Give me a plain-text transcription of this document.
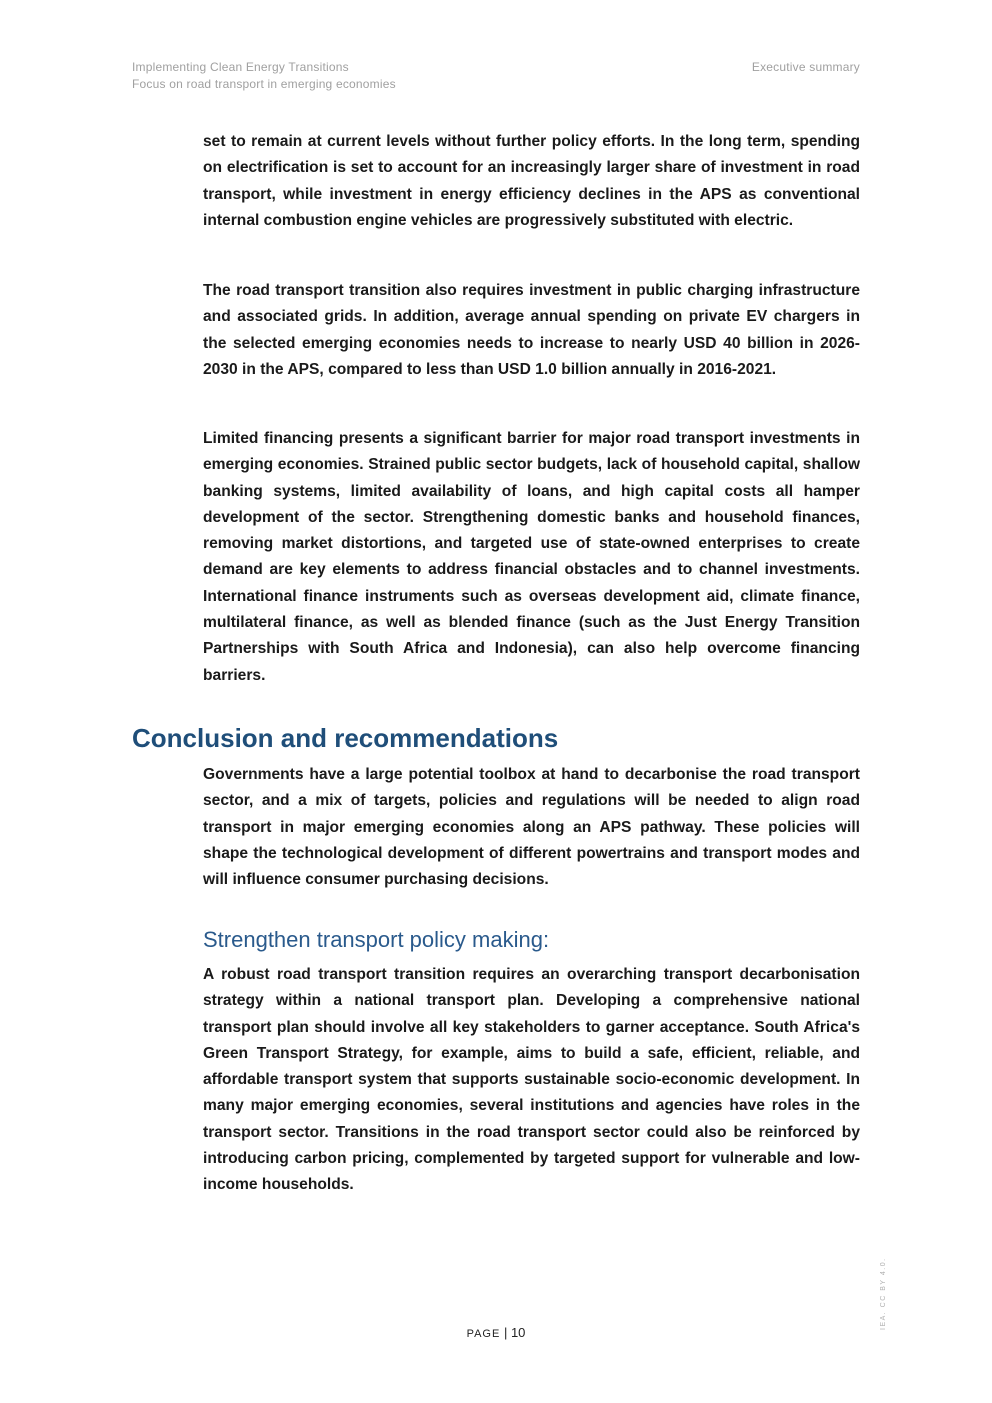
Implementing Clean Energy Transitions
Focus on road transport in emerging economies
Executive summary

set to remain at current levels without further policy efforts. In the long term, spending on electrification is set to account for an increasingly larger share of investment in road transport, while investment in energy efficiency declines in the APS as conventional internal combustion engine vehicles are progressively substituted with electric.

The road transport transition also requires investment in public charging infrastructure and associated grids. In addition, average annual spending on private EV chargers in the selected emerging economies needs to increase to nearly USD 40 billion in 2026-2030 in the APS, compared to less than USD 1.0 billion annually in 2016-2021.

Limited financing presents a significant barrier for major road transport investments in emerging economies. Strained public sector budgets, lack of household capital, shallow banking systems, limited availability of loans, and high capital costs all hamper development of the sector. Strengthening domestic banks and household finances, removing market distortions, and targeted use of state-owned enterprises to create demand are key elements to address financial obstacles and to channel investments. International finance instruments such as overseas development aid, climate finance, multilateral finance, as well as blended finance (such as the Just Energy Transition Partnerships with South Africa and Indonesia), can also help overcome financing barriers.

Conclusion and recommendations

Governments have a large potential toolbox at hand to decarbonise the road transport sector, and a mix of targets, policies and regulations will be needed to align road transport in major emerging economies along an APS pathway. These policies will shape the technological development of different powertrains and transport modes and will influence consumer purchasing decisions.

Strengthen transport policy making:

A robust road transport transition requires an overarching transport decarbonisation strategy within a national transport plan. Developing a comprehensive national transport plan should involve all key stakeholders to garner acceptance. South Africa's Green Transport Strategy, for example, aims to build a safe, efficient, reliable, and affordable transport system that supports sustainable socio-economic development. In many major emerging economies, several institutions and agencies have roles in the transport sector. Transitions in the road transport sector could also be reinforced by introducing carbon pricing, complemented by targeted support for vulnerable and low-income households.

PAGE | 10
IEA. CC BY 4.0.
